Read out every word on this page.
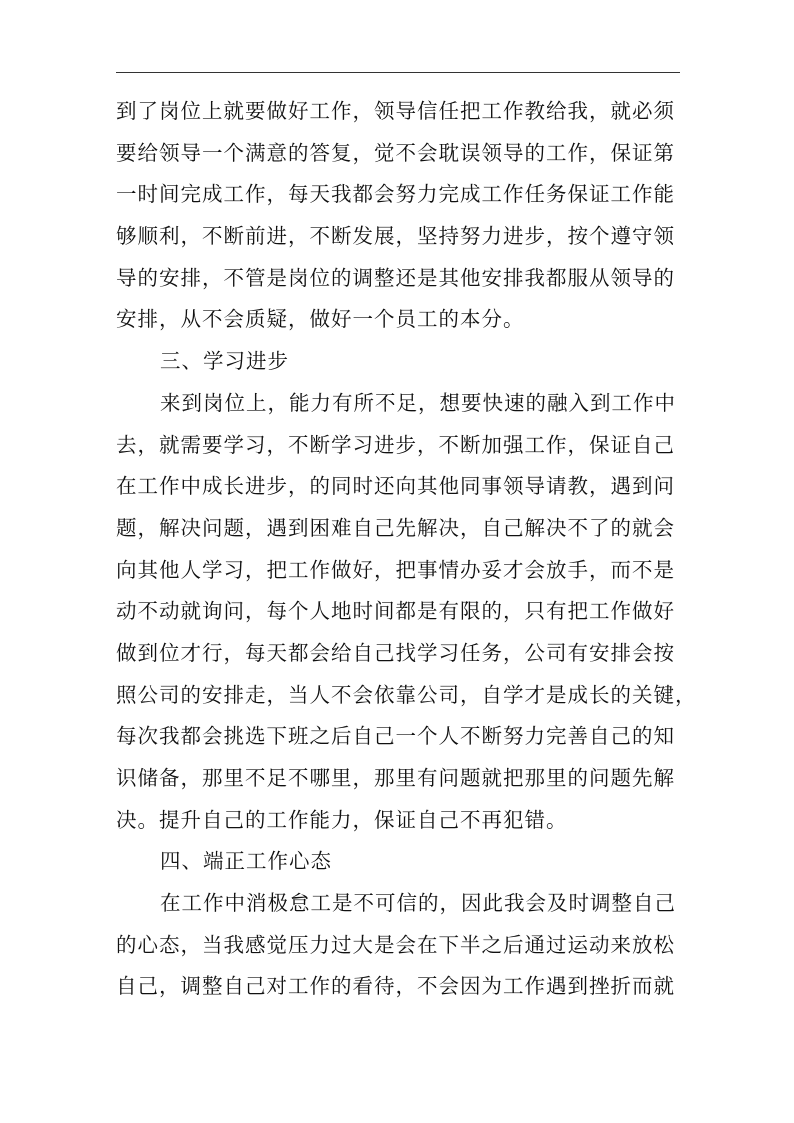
到了岗位上就要做好工作，领导信任把工作教给我，就必须
要给领导一个满意的答复，觉不会耽误领导的工作，保证第
一时间完成工作，每天我都会努力完成工作任务保证工作能
够顺利，不断前进，不断发展，坚持努力进步，按个遵守领
导的安排，不管是岗位的调整还是其他安排我都服从领导的
安排，从不会质疑，做好一个员工的本分。
三、学习进步
来到岗位上，能力有所不足，想要快速的融入到工作中
去，就需要学习，不断学习进步，不断加强工作，保证自己
在工作中成长进步，的同时还向其他同事领导请教，遇到问
题，解决问题，遇到困难自己先解决，自己解决不了的就会
向其他人学习，把工作做好，把事情办妥才会放手，而不是
动不动就询问，每个人地时间都是有限的，只有把工作做好
做到位才行，每天都会给自己找学习任务，公司有安排会按
照公司的安排走，当人不会依靠公司，自学才是成长的关键，
每次我都会挑选下班之后自己一个人不断努力完善自己的知
识储备，那里不足不哪里，那里有问题就把那里的问题先解
决。提升自己的工作能力，保证自己不再犯错。
四、端正工作心态
在工作中消极怠工是不可信的，因此我会及时调整自己
的心态，当我感觉压力过大是会在下半之后通过运动来放松
自己，调整自己对工作的看待，不会因为工作遇到挫折而就
